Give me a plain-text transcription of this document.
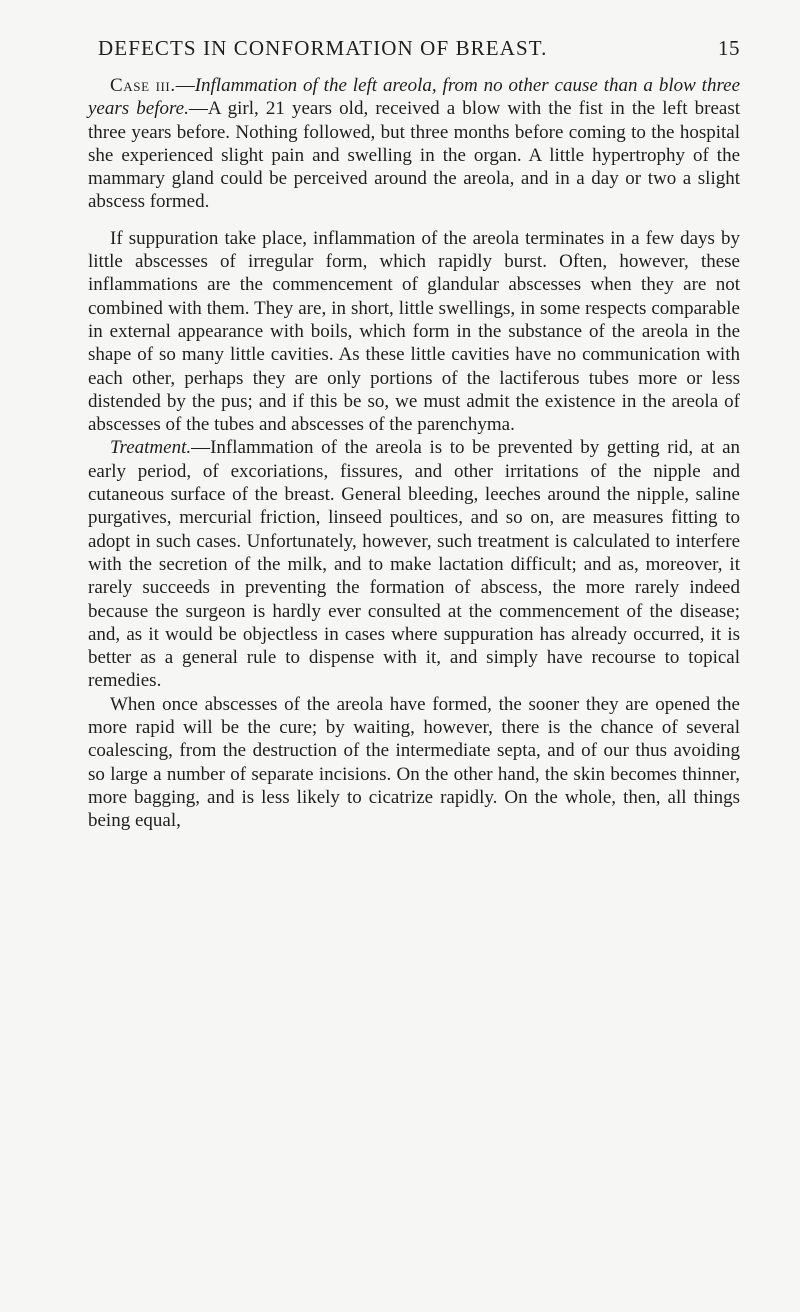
DEFECTS IN CONFORMATION OF BREAST.	15

Case iii.—Inflammation of the left areola, from no other cause than a blow three years before.—A girl, 21 years old, received a blow with the fist in the left breast three years before. Nothing followed, but three months before coming to the hospital she experienced slight pain and swelling in the organ. A little hypertrophy of the mammary gland could be perceived around the areola, and in a day or two a slight abscess formed.

If suppuration take place, inflammation of the areola terminates in a few days by little abscesses of irregular form, which rapidly burst. Often, however, these inflammations are the commencement of glandular abscesses when they are not combined with them. They are, in short, little swellings, in some respects comparable in external appearance with boils, which form in the substance of the areola in the shape of so many little cavities. As these little cavities have no communication with each other, perhaps they are only portions of the lactiferous tubes more or less distended by the pus; and if this be so, we must admit the existence in the areola of abscesses of the tubes and abscesses of the parenchyma.

Treatment.—Inflammation of the areola is to be prevented by getting rid, at an early period, of excoriations, fissures, and other irritations of the nipple and cutaneous surface of the breast. General bleeding, leeches around the nipple, saline purgatives, mercurial friction, linseed poultices, and so on, are measures fitting to adopt in such cases. Unfortunately, however, such treatment is calculated to interfere with the secretion of the milk, and to make lactation difficult; and as, moreover, it rarely succeeds in preventing the formation of abscess, the more rarely indeed because the surgeon is hardly ever consulted at the commencement of the disease; and, as it would be objectless in cases where suppuration has already occurred, it is better as a general rule to dispense with it, and simply have recourse to topical remedies.

When once abscesses of the areola have formed, the sooner they are opened the more rapid will be the cure; by waiting, however, there is the chance of several coalescing, from the destruction of the intermediate septa, and of our thus avoiding so large a number of separate incisions. On the other hand, the skin becomes thinner, more bagging, and is less likely to cicatrize rapidly. On the whole, then, all things being equal,
